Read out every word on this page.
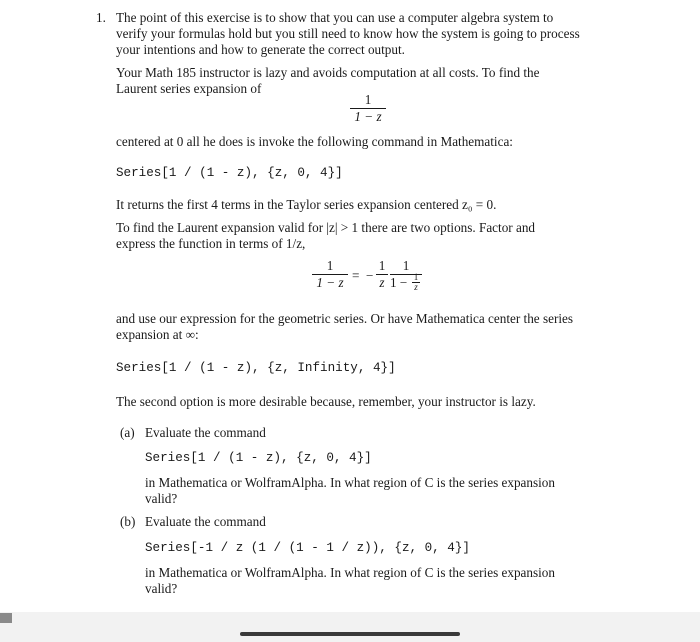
1. The point of this exercise is to show that you can use a computer algebra system to
verify your formulas hold but you still need to know how the system is going to process
your intentions and how to generate the correct output.
Your Math 185 instructor is lazy and avoids computation at all costs. To find the
Laurent series expansion of
1
1 − z
centered at 0 all he does is invoke the following command in Mathematica:
Series[1 / (1 - z), {z, 0, 4}]
It returns the first 4 terms in the Taylor series expansion centered z₀ = 0.
To find the Laurent expansion valid for |z| > 1 there are two options. Factor and
express the function in terms of 1/z,
1
1 − z = −
1
z
1
1 − 1
z
and use our expression for the geometric series. Or have Mathematica center the series
expansion at ∞:
Series[1 / (1 - z), {z, Infinity, 4}]
The second option is more desirable because, remember, your instructor is lazy.
(a) Evaluate the command
Series[1 / (1 - z), {z, 0, 4}]
in Mathematica or WolframAlpha. In what region of C is the series expansion
valid?
(b) Evaluate the command
Series[-1 / z (1 / (1 - 1 / z)), {z, 0, 4}]
in Mathematica or WolframAlpha. In what region of C is the series expansion
valid?
